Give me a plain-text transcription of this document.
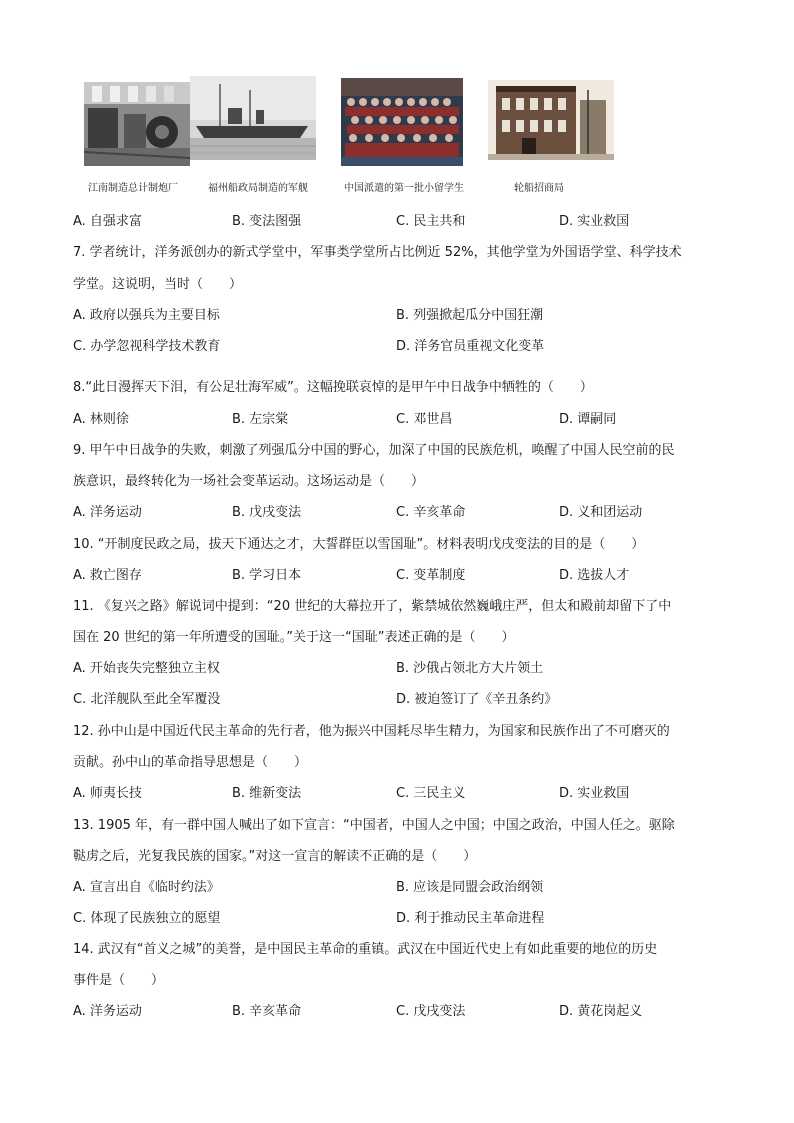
江南制造总计制炮厂	福州船政局制造的军舰	中国派遣的第一批小留学生	轮船招商局
A. 自强求富	B. 变法图强	C. 民主共和	D. 实业救国
7. 学者统计，洋务派创办的新式学堂中，军事类学堂所占比例近 52%，其他学堂为外国语学堂、科学技术
学堂。这说明，当时（　　）
A. 政府以强兵为主要目标	B. 列强掀起瓜分中国狂潮
C. 办学忽视科学技术教育	D. 洋务官员重视文化变革
8.“此日漫挥天下泪，有公足壮海军威”。这幅挽联哀悼的是甲午中日战争中牺牲的（　　）
A. 林则徐	B. 左宗棠	C. 邓世昌	D. 谭嗣同
9. 甲午中日战争的失败，刺激了列强瓜分中国的野心，加深了中国的民族危机，唤醒了中国人民空前的民
族意识，最终转化为一场社会变革运动。这场运动是（　　）
A. 洋务运动	B. 戊戌变法	C. 辛亥革命	D. 义和团运动
10. “开制度民政之局，拔天下通达之才，大誓群臣以雪国耻”。材料表明戊戌变法的目的是（　　）
A. 救亡图存	B. 学习日本	C. 变革制度	D. 选拔人才
11. 《复兴之路》解说词中提到：“20 世纪的大幕拉开了，紫禁城依然巍峨庄严，但太和殿前却留下了中
国在 20 世纪的第一年所遭受的国耻。”关于这一“国耻”表述正确的是（　　）
A. 开始丧失完整独立主权	B. 沙俄占领北方大片领土
C. 北洋舰队至此全军覆没	D. 被迫签订了《辛丑条约》
12. 孙中山是中国近代民主革命的先行者，他为振兴中国耗尽毕生精力，为国家和民族作出了不可磨灭的
贡献。孙中山的革命指导思想是（　　）
A. 师夷长技	B. 维新变法	C. 三民主义	D. 实业救国
13. 1905 年，有一群中国人喊出了如下宣言：“中国者，中国人之中国；中国之政治，中国人任之。驱除
鞑虏之后，光复我民族的国家。”对这一宣言的解读不正确的是（　　）
A. 宣言出自《临时约法》	B. 应该是同盟会政治纲领
C. 体现了民族独立的愿望	D. 利于推动民主革命进程
14. 武汉有“首义之城”的美誉，是中国民主革命的重镇。武汉在中国近代史上有如此重要的地位的历史
事件是（　　）
A. 洋务运动	B. 辛亥革命	C. 戊戌变法	D. 黄花岗起义
